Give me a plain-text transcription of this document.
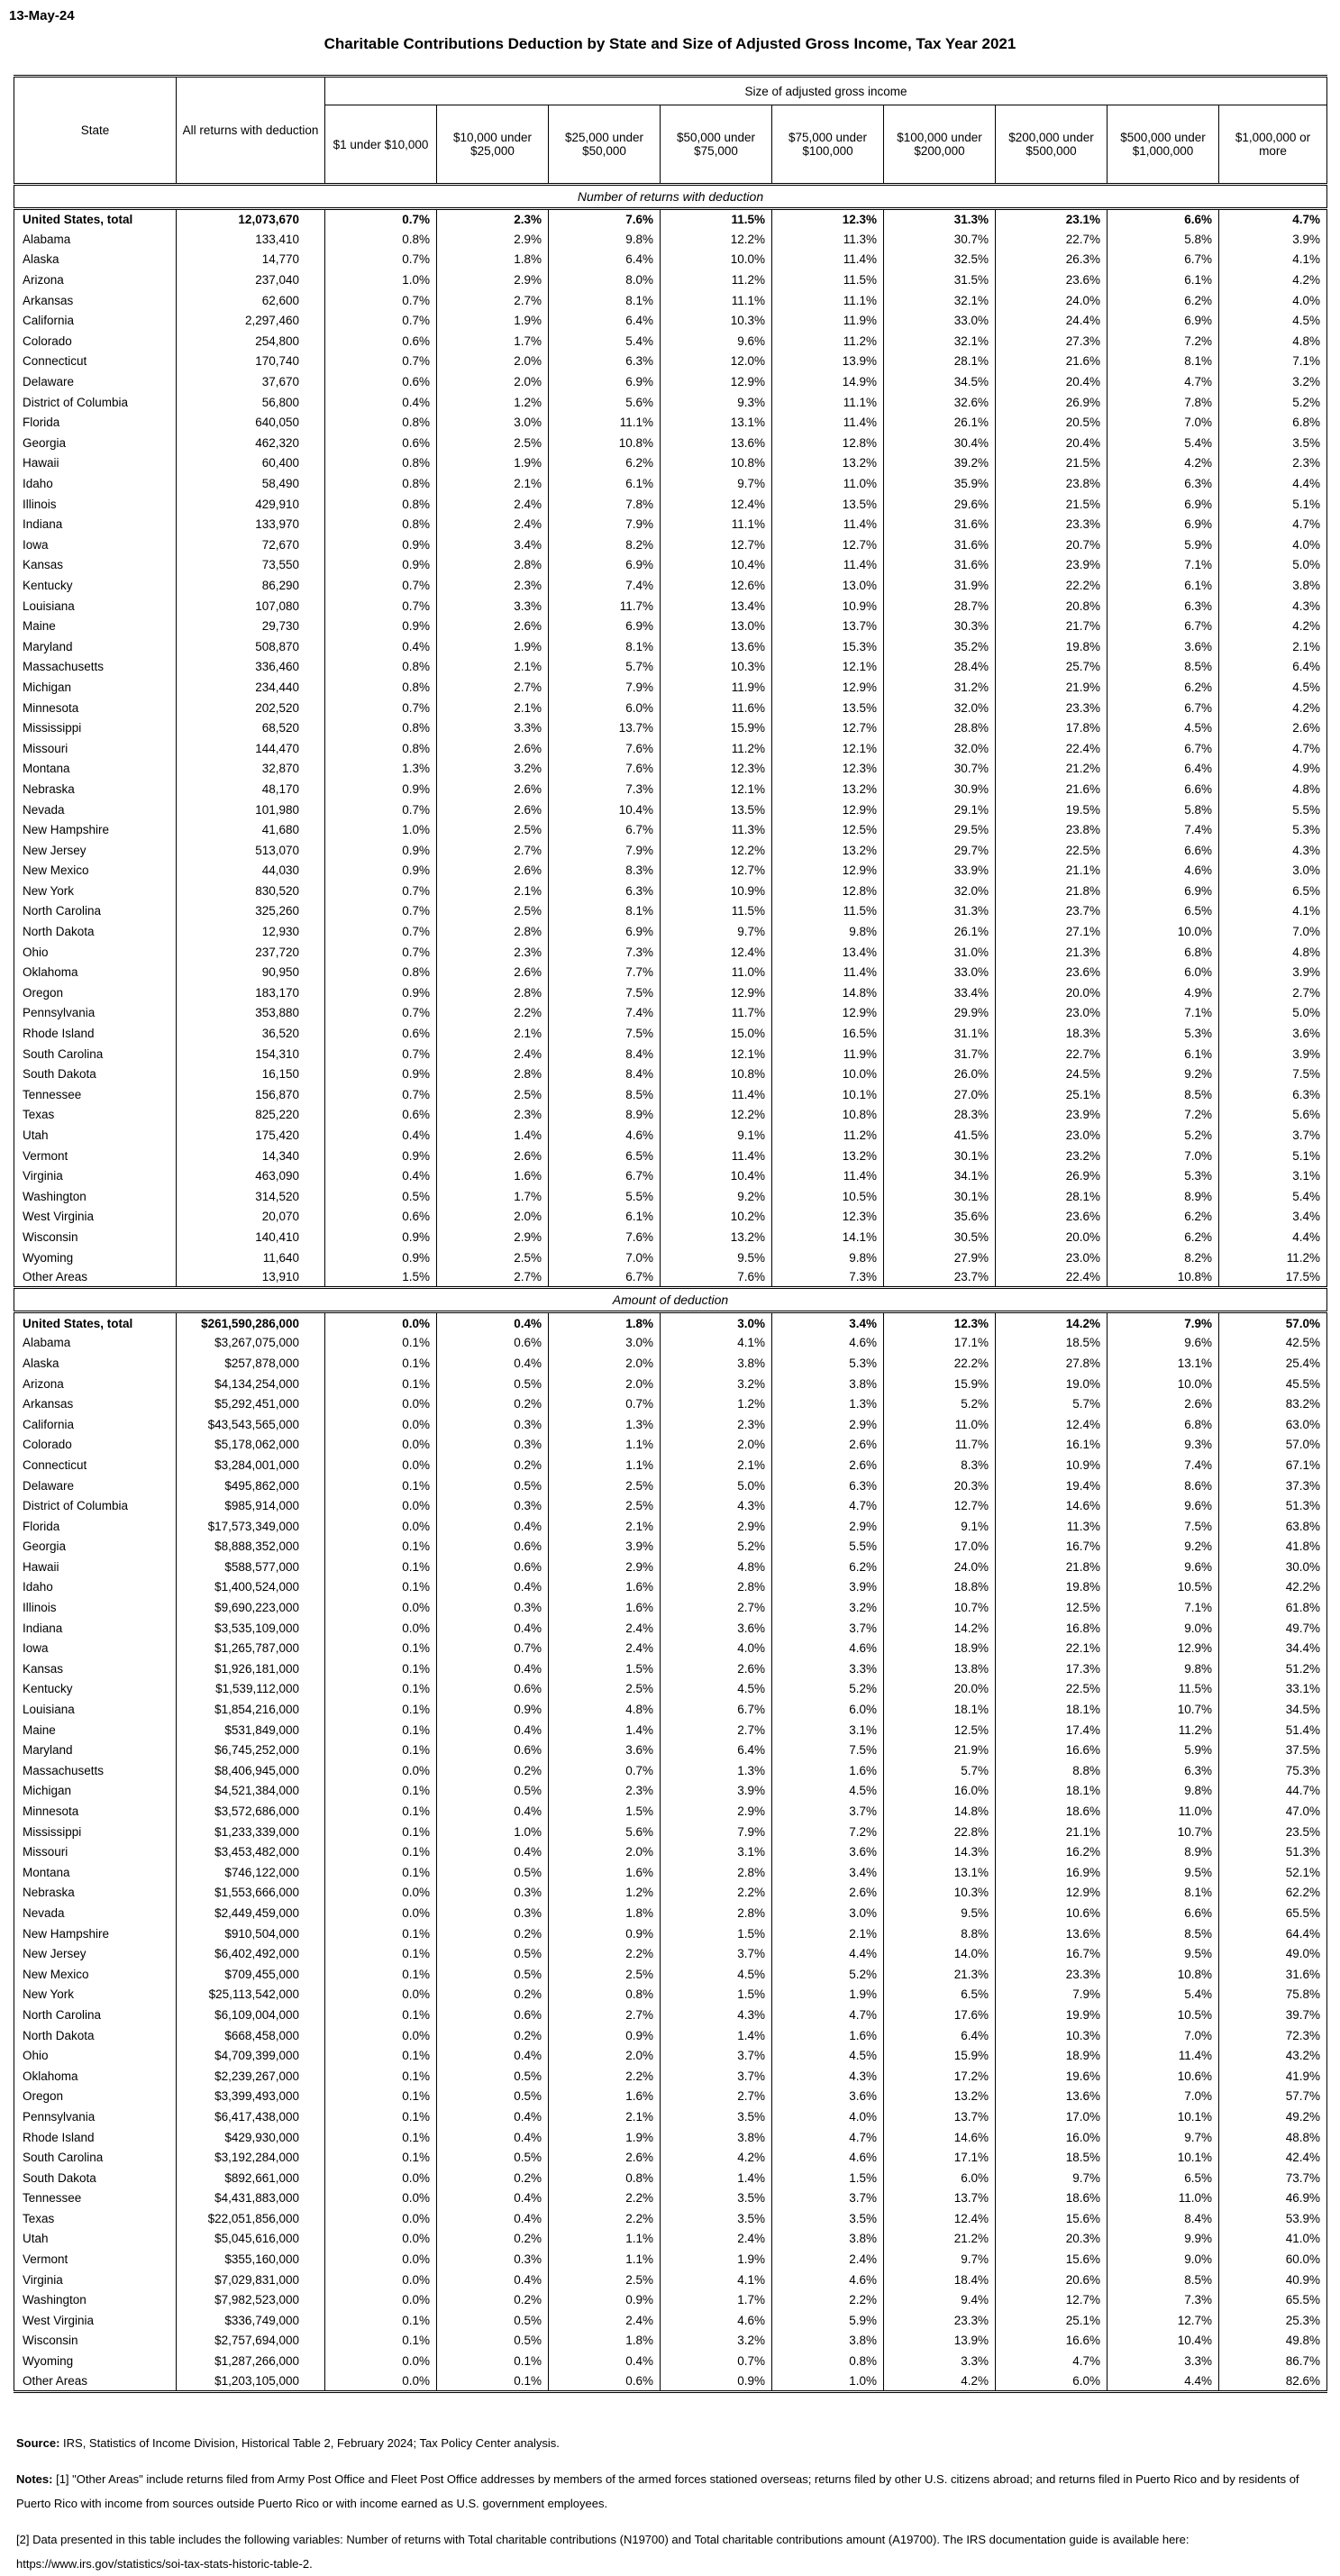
13-May-24
Charitable Contributions Deduction by State and Size of Adjusted Gross Income, Tax Year 2021
State	All returns with deduction	Size of adjusted gross income								
		$1 under $10,000	$10,000 under $25,000	$25,000 under $50,000	$50,000 under $75,000	$75,000 under $100,000	$100,000 under $200,000	$200,000 under $500,000	$500,000 under $1,000,000	$1,000,000 or more
Number of returns with deduction										
United States, total	12,073,670	0.7%	2.3%	7.6%	11.5%	12.3%	31.3%	23.1%	6.6%	4.7%
Alabama	133,410	0.8%	2.9%	9.8%	12.2%	11.3%	30.7%	22.7%	5.8%	3.9%
Alaska	14,770	0.7%	1.8%	6.4%	10.0%	11.4%	32.5%	26.3%	6.7%	4.1%
Arizona	237,040	1.0%	2.9%	8.0%	11.2%	11.5%	31.5%	23.6%	6.1%	4.2%
Arkansas	62,600	0.7%	2.7%	8.1%	11.1%	11.1%	32.1%	24.0%	6.2%	4.0%
California	2,297,460	0.7%	1.9%	6.4%	10.3%	11.9%	33.0%	24.4%	6.9%	4.5%
Colorado	254,800	0.6%	1.7%	5.4%	9.6%	11.2%	32.1%	27.3%	7.2%	4.8%
Connecticut	170,740	0.7%	2.0%	6.3%	12.0%	13.9%	28.1%	21.6%	8.1%	7.1%
Delaware	37,670	0.6%	2.0%	6.9%	12.9%	14.9%	34.5%	20.4%	4.7%	3.2%
District of Columbia	56,800	0.4%	1.2%	5.6%	9.3%	11.1%	32.6%	26.9%	7.8%	5.2%
Florida	640,050	0.8%	3.0%	11.1%	13.1%	11.4%	26.1%	20.5%	7.0%	6.8%
Georgia	462,320	0.6%	2.5%	10.8%	13.6%	12.8%	30.4%	20.4%	5.4%	3.5%
Hawaii	60,400	0.8%	1.9%	6.2%	10.8%	13.2%	39.2%	21.5%	4.2%	2.3%
Idaho	58,490	0.8%	2.1%	6.1%	9.7%	11.0%	35.9%	23.8%	6.3%	4.4%
Illinois	429,910	0.8%	2.4%	7.8%	12.4%	13.5%	29.6%	21.5%	6.9%	5.1%
Indiana	133,970	0.8%	2.4%	7.9%	11.1%	11.4%	31.6%	23.3%	6.9%	4.7%
Iowa	72,670	0.9%	3.4%	8.2%	12.7%	12.7%	31.6%	20.7%	5.9%	4.0%
Kansas	73,550	0.9%	2.8%	6.9%	10.4%	11.4%	31.6%	23.9%	7.1%	5.0%
Kentucky	86,290	0.7%	2.3%	7.4%	12.6%	13.0%	31.9%	22.2%	6.1%	3.8%
Louisiana	107,080	0.7%	3.3%	11.7%	13.4%	10.9%	28.7%	20.8%	6.3%	4.3%
Maine	29,730	0.9%	2.6%	6.9%	13.0%	13.7%	30.3%	21.7%	6.7%	4.2%
Maryland	508,870	0.4%	1.9%	8.1%	13.6%	15.3%	35.2%	19.8%	3.6%	2.1%
Massachusetts	336,460	0.8%	2.1%	5.7%	10.3%	12.1%	28.4%	25.7%	8.5%	6.4%
Michigan	234,440	0.8%	2.7%	7.9%	11.9%	12.9%	31.2%	21.9%	6.2%	4.5%
Minnesota	202,520	0.7%	2.1%	6.0%	11.6%	13.5%	32.0%	23.3%	6.7%	4.2%
Mississippi	68,520	0.8%	3.3%	13.7%	15.9%	12.7%	28.8%	17.8%	4.5%	2.6%
Missouri	144,470	0.8%	2.6%	7.6%	11.2%	12.1%	32.0%	22.4%	6.7%	4.7%
Montana	32,870	1.3%	3.2%	7.6%	12.3%	12.3%	30.7%	21.2%	6.4%	4.9%
Nebraska	48,170	0.9%	2.6%	7.3%	12.1%	13.2%	30.9%	21.6%	6.6%	4.8%
Nevada	101,980	0.7%	2.6%	10.4%	13.5%	12.9%	29.1%	19.5%	5.8%	5.5%
New Hampshire	41,680	1.0%	2.5%	6.7%	11.3%	12.5%	29.5%	23.8%	7.4%	5.3%
New Jersey	513,070	0.9%	2.7%	7.9%	12.2%	13.2%	29.7%	22.5%	6.6%	4.3%
New Mexico	44,030	0.9%	2.6%	8.3%	12.7%	12.9%	33.9%	21.1%	4.6%	3.0%
New York	830,520	0.7%	2.1%	6.3%	10.9%	12.8%	32.0%	21.8%	6.9%	6.5%
North Carolina	325,260	0.7%	2.5%	8.1%	11.5%	11.5%	31.3%	23.7%	6.5%	4.1%
North Dakota	12,930	0.7%	2.8%	6.9%	9.7%	9.8%	26.1%	27.1%	10.0%	7.0%
Ohio	237,720	0.7%	2.3%	7.3%	12.4%	13.4%	31.0%	21.3%	6.8%	4.8%
Oklahoma	90,950	0.8%	2.6%	7.7%	11.0%	11.4%	33.0%	23.6%	6.0%	3.9%
Oregon	183,170	0.9%	2.8%	7.5%	12.9%	14.8%	33.4%	20.0%	4.9%	2.7%
Pennsylvania	353,880	0.7%	2.2%	7.4%	11.7%	12.9%	29.9%	23.0%	7.1%	5.0%
Rhode Island	36,520	0.6%	2.1%	7.5%	15.0%	16.5%	31.1%	18.3%	5.3%	3.6%
South Carolina	154,310	0.7%	2.4%	8.4%	12.1%	11.9%	31.7%	22.7%	6.1%	3.9%
South Dakota	16,150	0.9%	2.8%	8.4%	10.8%	10.0%	26.0%	24.5%	9.2%	7.5%
Tennessee	156,870	0.7%	2.5%	8.5%	11.4%	10.1%	27.0%	25.1%	8.5%	6.3%
Texas	825,220	0.6%	2.3%	8.9%	12.2%	10.8%	28.3%	23.9%	7.2%	5.6%
Utah	175,420	0.4%	1.4%	4.6%	9.1%	11.2%	41.5%	23.0%	5.2%	3.7%
Vermont	14,340	0.9%	2.6%	6.5%	11.4%	13.2%	30.1%	23.2%	7.0%	5.1%
Virginia	463,090	0.4%	1.6%	6.7%	10.4%	11.4%	34.1%	26.9%	5.3%	3.1%
Washington	314,520	0.5%	1.7%	5.5%	9.2%	10.5%	30.1%	28.1%	8.9%	5.4%
West Virginia	20,070	0.6%	2.0%	6.1%	10.2%	12.3%	35.6%	23.6%	6.2%	3.4%
Wisconsin	140,410	0.9%	2.9%	7.6%	13.2%	14.1%	30.5%	20.0%	6.2%	4.4%
Wyoming	11,640	0.9%	2.5%	7.0%	9.5%	9.8%	27.9%	23.0%	8.2%	11.2%
Other Areas	13,910	1.5%	2.7%	6.7%	7.6%	7.3%	23.7%	22.4%	10.8%	17.5%
Amount of deduction										
United States, total	$261,590,286,000	0.0%	0.4%	1.8%	3.0%	3.4%	12.3%	14.2%	7.9%	57.0%
Alabama	$3,267,075,000	0.1%	0.6%	3.0%	4.1%	4.6%	17.1%	18.5%	9.6%	42.5%
Alaska	$257,878,000	0.1%	0.4%	2.0%	3.8%	5.3%	22.2%	27.8%	13.1%	25.4%
Arizona	$4,134,254,000	0.1%	0.5%	2.0%	3.2%	3.8%	15.9%	19.0%	10.0%	45.5%
Arkansas	$5,292,451,000	0.0%	0.2%	0.7%	1.2%	1.3%	5.2%	5.7%	2.6%	83.2%
California	$43,543,565,000	0.0%	0.3%	1.3%	2.3%	2.9%	11.0%	12.4%	6.8%	63.0%
Colorado	$5,178,062,000	0.0%	0.3%	1.1%	2.0%	2.6%	11.7%	16.1%	9.3%	57.0%
Connecticut	$3,284,001,000	0.0%	0.2%	1.1%	2.1%	2.6%	8.3%	10.9%	7.4%	67.1%
Delaware	$495,862,000	0.1%	0.5%	2.5%	5.0%	6.3%	20.3%	19.4%	8.6%	37.3%
District of Columbia	$985,914,000	0.0%	0.3%	2.5%	4.3%	4.7%	12.7%	14.6%	9.6%	51.3%
Florida	$17,573,349,000	0.0%	0.4%	2.1%	2.9%	2.9%	9.1%	11.3%	7.5%	63.8%
Georgia	$8,888,352,000	0.1%	0.6%	3.9%	5.2%	5.5%	17.0%	16.7%	9.2%	41.8%
Hawaii	$588,577,000	0.1%	0.6%	2.9%	4.8%	6.2%	24.0%	21.8%	9.6%	30.0%
Idaho	$1,400,524,000	0.1%	0.4%	1.6%	2.8%	3.9%	18.8%	19.8%	10.5%	42.2%
Illinois	$9,690,223,000	0.0%	0.3%	1.6%	2.7%	3.2%	10.7%	12.5%	7.1%	61.8%
Indiana	$3,535,109,000	0.0%	0.4%	2.4%	3.6%	3.7%	14.2%	16.8%	9.0%	49.7%
Iowa	$1,265,787,000	0.1%	0.7%	2.4%	4.0%	4.6%	18.9%	22.1%	12.9%	34.4%
Kansas	$1,926,181,000	0.1%	0.4%	1.5%	2.6%	3.3%	13.8%	17.3%	9.8%	51.2%
Kentucky	$1,539,112,000	0.1%	0.6%	2.5%	4.5%	5.2%	20.0%	22.5%	11.5%	33.1%
Louisiana	$1,854,216,000	0.1%	0.9%	4.8%	6.7%	6.0%	18.1%	18.1%	10.7%	34.5%
Maine	$531,849,000	0.1%	0.4%	1.4%	2.7%	3.1%	12.5%	17.4%	11.2%	51.4%
Maryland	$6,745,252,000	0.1%	0.6%	3.6%	6.4%	7.5%	21.9%	16.6%	5.9%	37.5%
Massachusetts	$8,406,945,000	0.0%	0.2%	0.7%	1.3%	1.6%	5.7%	8.8%	6.3%	75.3%
Michigan	$4,521,384,000	0.1%	0.5%	2.3%	3.9%	4.5%	16.0%	18.1%	9.8%	44.7%
Minnesota	$3,572,686,000	0.1%	0.4%	1.5%	2.9%	3.7%	14.8%	18.6%	11.0%	47.0%
Mississippi	$1,233,339,000	0.1%	1.0%	5.6%	7.9%	7.2%	22.8%	21.1%	10.7%	23.5%
Missouri	$3,453,482,000	0.1%	0.4%	2.0%	3.1%	3.6%	14.3%	16.2%	8.9%	51.3%
Montana	$746,122,000	0.1%	0.5%	1.6%	2.8%	3.4%	13.1%	16.9%	9.5%	52.1%
Nebraska	$1,553,666,000	0.0%	0.3%	1.2%	2.2%	2.6%	10.3%	12.9%	8.1%	62.2%
Nevada	$2,449,459,000	0.0%	0.3%	1.8%	2.8%	3.0%	9.5%	10.6%	6.6%	65.5%
New Hampshire	$910,504,000	0.1%	0.2%	0.9%	1.5%	2.1%	8.8%	13.6%	8.5%	64.4%
New Jersey	$6,402,492,000	0.1%	0.5%	2.2%	3.7%	4.4%	14.0%	16.7%	9.5%	49.0%
New Mexico	$709,455,000	0.1%	0.5%	2.5%	4.5%	5.2%	21.3%	23.3%	10.8%	31.6%
New York	$25,113,542,000	0.0%	0.2%	0.8%	1.5%	1.9%	6.5%	7.9%	5.4%	75.8%
North Carolina	$6,109,004,000	0.1%	0.6%	2.7%	4.3%	4.7%	17.6%	19.9%	10.5%	39.7%
North Dakota	$668,458,000	0.0%	0.2%	0.9%	1.4%	1.6%	6.4%	10.3%	7.0%	72.3%
Ohio	$4,709,399,000	0.1%	0.4%	2.0%	3.7%	4.5%	15.9%	18.9%	11.4%	43.2%
Oklahoma	$2,239,267,000	0.1%	0.5%	2.2%	3.7%	4.3%	17.2%	19.6%	10.6%	41.9%
Oregon	$3,399,493,000	0.1%	0.5%	1.6%	2.7%	3.6%	13.2%	13.6%	7.0%	57.7%
Pennsylvania	$6,417,438,000	0.1%	0.4%	2.1%	3.5%	4.0%	13.7%	17.0%	10.1%	49.2%
Rhode Island	$429,930,000	0.1%	0.4%	1.9%	3.8%	4.7%	14.6%	16.0%	9.7%	48.8%
South Carolina	$3,192,284,000	0.1%	0.5%	2.6%	4.2%	4.6%	17.1%	18.5%	10.1%	42.4%
South Dakota	$892,661,000	0.0%	0.2%	0.8%	1.4%	1.5%	6.0%	9.7%	6.5%	73.7%
Tennessee	$4,431,883,000	0.0%	0.4%	2.2%	3.5%	3.7%	13.7%	18.6%	11.0%	46.9%
Texas	$22,051,856,000	0.0%	0.4%	2.2%	3.5%	3.5%	12.4%	15.6%	8.4%	53.9%
Utah	$5,045,616,000	0.0%	0.2%	1.1%	2.4%	3.8%	21.2%	20.3%	9.9%	41.0%
Vermont	$355,160,000	0.0%	0.3%	1.1%	1.9%	2.4%	9.7%	15.6%	9.0%	60.0%
Virginia	$7,029,831,000	0.0%	0.4%	2.5%	4.1%	4.6%	18.4%	20.6%	8.5%	40.9%
Washington	$7,982,523,000	0.0%	0.2%	0.9%	1.7%	2.2%	9.4%	12.7%	7.3%	65.5%
West Virginia	$336,749,000	0.1%	0.5%	2.4%	4.6%	5.9%	23.3%	25.1%	12.7%	25.3%
Wisconsin	$2,757,694,000	0.1%	0.5%	1.8%	3.2%	3.8%	13.9%	16.6%	10.4%	49.8%
Wyoming	$1,287,266,000	0.0%	0.1%	0.4%	0.7%	0.8%	3.3%	4.7%	3.3%	86.7%
Other Areas	$1,203,105,000	0.0%	0.1%	0.6%	0.9%	1.0%	4.2%	6.0%	4.4%	82.6%

Source: IRS, Statistics of Income Division, Historical Table 2, February 2024; Tax Policy Center analysis.

Notes: [1] "Other Areas" include returns filed from Army Post Office and Fleet Post Office addresses by members of the armed forces stationed overseas; returns filed by other U.S. citizens abroad; and returns filed in Puerto Rico and by residents of Puerto Rico with income from sources outside Puerto Rico or with income earned as U.S. government employees.

[2] Data presented in this table includes the following variables: Number of returns with Total charitable contributions (N19700) and Total charitable contributions amount (A19700). The IRS documentation guide is available here: https://www.irs.gov/statistics/soi-tax-stats-historic-table-2.
